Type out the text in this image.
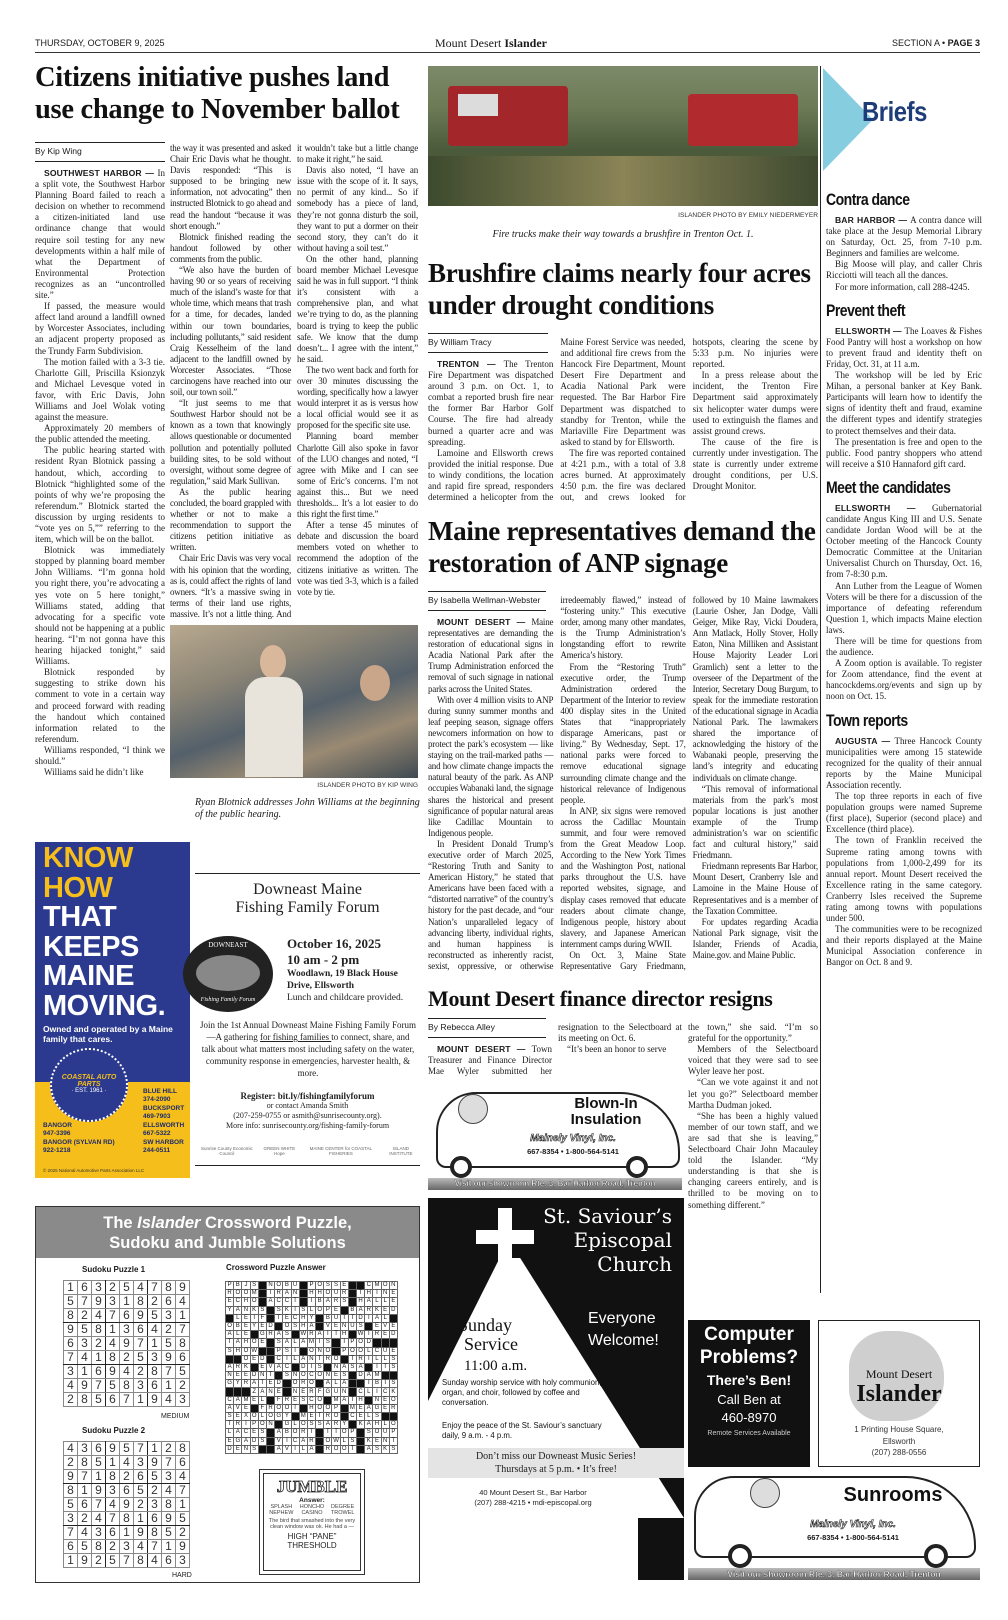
THURSDAY, OCTOBER 9, 2025	Mount Desert Islander	SECTION A • PAGE 3
Citizens initiative pushes land use change to November ballot
By Kip Wing

SOUTHWEST HARBOR — In a split vote, the Southwest Harbor Planning Board failed to reach a decision on whether to recommend a citizen-initiated land use ordinance change that would require soil testing for any new developments within a half mile of what the Department of Environmental Protection recognizes as an “uncontrolled site.”

If passed, the measure would affect land around a landfill owned by Worcester Associates, including an adjacent property proposed as the Trundy Farm Subdivision.

The motion failed with a 3-3 tie. Charlotte Gill, Priscilla Ksionzyk and Michael Levesque voted in favor, with Eric Davis, John Williams and Joel Wolak voting against the measure.

Approximately 20 members of the public attended the meeting.

The public hearing started with resident Ryan Blotnick passing a handout, which, according to Blotnick “highlighted some of the points of why we’re proposing the referendum.” Blotnick started the discussion by urging residents to “vote yes on 5,”” referring to the item, which will be on the ballot.

Blotnick was immediately stopped by planning board member John Williams. “I’m gonna hold you right there, you’re advocating a yes vote on 5 here tonight,” Williams stated, adding that advocating for a specific vote should not be happening at a public hearing. “I’m not gonna have this hearing hijacked tonight,” said Williams.

Blotnick responded by suggesting to strike down his comment to vote in a certain way and proceed forward with reading the handout which contained information related to the referendum.

Williams responded, “I think we should.”

Williams said he didn’t like

the way it was presented and asked Chair Eric Davis what he thought. Davis responded: “This is supposed to be bringing new information, not advocating” then instructed Blotnick to go ahead and read the handout “because it was short enough.”

Blotnick finished reading the handout followed by other comments from the public.

“We also have the burden of having 90 or so years of receiving much of the island’s waste for that whole time, which means that trash for a time, for decades, landed within our town boundaries, including pollutants,” said resident Craig Kesselheim of the land adjacent to the landfill owned by Worcester Associates. “Those carcinogens have reached into our soil, our town soil.”

“It just seems to me that Southwest Harbor should not be known as a town that knowingly allows questionable or documented pollution and potentially polluted building sites, to be sold without oversight, without some degree of regulation,” said Mark Sullivan.

As the public hearing concluded, the board grappled with whether or not to make a recommendation to support the citizens petition initiative as written.

Chair Eric Davis was very vocal with his opinion that the wording, as is, could affect the rights of land owners. “It’s a massive swing in terms of their land use rights, massive. It’s not a little thing. And it wouldn’t take but a little change to make it right,” he said.

Davis also noted, “I have an issue with the scope of it. It says, no permit of any kind... So if somebody has a piece of land, they’re not gonna disturb the soil, they want to put a dormer on their second story, they can’t do it without having a soil test.”

On the other hand, planning board member Michael Levesque said he was in full support. “I think it’s consistent with a comprehensive plan, and what we’re trying to do, as the planning board is trying to keep the public safe. We know that the dump doesn’t... I agree with the intent,” he said.

The two went back and forth for over 30 minutes discussing the wording, specifically how a lawyer would interpret it as is versus how a local official would see it as proposed for the specific site use.

Planning board member Charlotte Gill also spoke in favor of the LUO changes and noted, “I agree with Mike and I can see some of Eric’s concerns. I’m not against this... But we need thresholds... It’s a lot easier to do this right the first time.”

After a tense 45 minutes of debate and discussion the board members voted on whether to recommend the adoption of the citizens initiative as written. The vote was tied 3-3, which is a failed vote by tie.

ISLANDER PHOTO BY KIP WING
Ryan Blotnick addresses John Williams at the beginning of the public hearing.
KNOW
HOW
THAT
KEEPS
MAINE
MOVING.
Owned and operated by a Maine family that cares.
COASTAL AUTO PARTS
· EST. 1961 ·	BLUE HILL
374-2090
BUCKSPORT
469-7903
ELLSWORTH
667-5322
SW HARBOR
244-0511
BANGOR
947-3396
BANGOR (SYLVAN RD)
922-1218
© 2025 National Automotive Parts Association LLC
Downeast Maine
Fishing Family Forum
DOWNEAST
Fishing Family Forum
October 16, 2025
10 am - 2 pm
Woodlawn, 19 Black House Drive, Ellsworth
Lunch and childcare provided.
Join the 1st Annual Downeast Maine Fishing Family Forum—A gathering for fishing families to connect, share, and talk about what matters most including safety on the water, community response in emergencies, harvester health, & more.
Register: bit.ly/fishingfamilyforum
or contact Amanda Smith
(207-259-0755 or asmith@sunrisecounty.org).
More info: sunrisecounty.org/fishing-family-forum
Sunrise County Economic Council
GREEN WHITE Hope
MAINE CENTER for COASTAL FISHERIES
ISLAND INSTITUTE
The Islander Crossword Puzzle,
Sudoku and Jumble Solutions
Sudoku Puzzle 1
1	6	3	2	5	4	7	8	9
5	7	9	3	1	8	2	6	4
8	2	4	7	6	9	5	3	1
9	5	8	1	3	6	4	2	7
6	3	2	4	9	7	1	5	8
7	4	1	8	2	5	3	9	6
3	1	6	9	4	2	8	7	5
4	9	7	5	8	3	6	1	2
2	8	5	6	7	1	9	4	3
MEDIUM
Sudoku Puzzle 2
4	3	6	9	5	7	1	2	8
2	8	5	1	4	3	9	7	6
9	7	1	8	2	6	5	3	4
8	1	9	3	6	5	2	4	7
5	6	7	4	9	2	3	8	1
3	2	4	7	8	1	6	9	5
7	4	3	6	1	9	8	5	2
6	5	8	2	3	4	7	1	9
1	9	2	5	7	8	4	6	3
HARD
Crossword Puzzle Answer
P	B	J	S		N	O	B	U		P	O	S	S	E			C	M	O	N
R	O	O	M		I	R	A	N		H	H	O	U	R		T	H	I	N	E
E	C	H	O		A	C	C	T		I	B	A	R	S		H	A	L	L	E
Y	A	N	K	S		S	K	I	S	L	O	P	E		B	A	R	K	E	D
	L	E	I	F		T	E	C	H	Y		B	U	T	T	D	I	A	L	
O	B	E	Y	E	D		O	S	H	A		V	E	N	U	S		E	V	E
A	L	E		G	R	A	S		W	R	A	I	T	H		W	I	R	E	D
T	A	H	O	E		S	A	L	A	M	I	S		I	P	O	D			
S	H	O	W			P	S	I		O	N	O		P	O	O	L	C	U	E
		O	E	D		C	I	L	A	N	T	R	O		T	R	I	L	L	S
A	R	K		E	V	A	C		D	I	S		N	A	S	A		I	T	S
N	E	E	D	N	T		S	N	O	C	O	N	E	S		D	A	M		
G	Y	R	A	T	E	D		O	R	O		A	L	A			I	B	I	S
			Z	A	N	E		N	E	R	F	G	U	N		C	L	I	C	K
C	A	M	E	L		F	R	E	S	C	O		M	A	T	H		N	E	O
A	V	E		F	R	O	O	T		H	O	O	P		M	E	A	G	E	R
S	E	X	O	L	O	G	Y		M	E	T	R	O		C	E	L	S		
T	R	I	P	O	N		G	L	O	S	S	A	R	Y		K	A	H	L	O
L	A	C	E	S		A	B	O	R	T		T	T	O	P		S	O	U	P
E	G	A	D	S		V	I	C	A	R		O	W	L	S		K	E	N	T
D	E	N	S			A	V	I	L	A		R	O	O	T		A	S	K	S
JUMBLE
Answer:
SPLASH	HONCHO	DEGREE
NEPHEW	CASINO	TROWEL
The bird that smashed into the very clean window was ok. He had a —
HIGH “PANE”
THRESHOLD
ISLANDER PHOTO BY EMILY NIEDERMEYER
Fire trucks make their way towards a brushfire in Trenton Oct. 1.
Brushfire claims nearly four acres under drought conditions
By William Tracy

TRENTON — The Trenton Fire Department was dispatched around 3 p.m. on Oct. 1, to combat a reported brush fire near the former Bar Harbor Golf Course. The fire had already burned a quarter acre and was spreading.

Lamoine and Ellsworth crews provided the initial response. Due to windy conditions, the location and rapid fire spread, responders determined a helicopter from the Maine Forest Service was needed, and additional fire crews from the Hancock Fire Department, Mount Desert Fire Department and Acadia National Park were requested. The Bar Harbor Fire Department was dispatched to standby for Trenton, while the Mariaville Fire Department was asked to stand by for Ellsworth.

The fire was reported contained at 4:21 p.m., with a total of 3.8 acres burned. At approximately 4:50 p.m. the fire was declared out, and crews looked for hotspots, clearing the scene by 5:33 p.m. No injuries were reported.

In a press release about the incident, the Trenton Fire Department said approximately six helicopter water dumps were used to extinguish the flames and assist ground crews.

The cause of the fire is currently under investigation. The state is currently under extreme drought conditions, per U.S. Drought Monitor.

Maine representatives demand the restoration of ANP signage
By Isabella Wellman-Webster

MOUNT DESERT — Maine representatives are demanding the restoration of educational signs in Acadia National Park after the Trump Administration enforced the removal of such signage in national parks across the United States.

With over 4 million visits to ANP during sunny summer months and leaf peeping season, signage offers newcomers information on how to protect the park’s ecosystem — like staying on the trail-marked paths — and how climate change impacts the natural beauty of the park. As ANP occupies Wabanaki land, the signage shares the historical and present significance of popular natural areas like Cadillac Mountain to Indigenous people.

In President Donald Trump’s executive order of March 2025, “Restoring Truth and Sanity to American History,” he stated that Americans have been faced with a “distorted narrative” of the country’s history for the past decade, and “our Nation’s unparalleled legacy of advancing liberty, individual rights, and human happiness is reconstructed as inherently racist, sexist, oppressive, or otherwise irredeemably flawed,” instead of “fostering unity.” This executive order, among many other mandates, is the Trump Administration’s longstanding effort to rewrite America’s history.

From the “Restoring Truth” executive order, the Trump Administration ordered the Department of the Interior to review 400 display sites in the United States that “inappropriately disparage Americans, past or living.” By Wednesday, Sept. 17, national parks were forced to remove educational signage surrounding climate change and the historical relevance of Indigenous people.

In ANP, six signs were removed across the Cadillac Mountain summit, and four were removed from the Great Meadow Loop. According to the New York Times and the Washington Post, national parks throughout the U.S. have reported websites, signage, and display cases removed that educate readers about climate change, Indigenous people, history about slavery, and Japanese American internment camps during WWII.

On Oct. 3, Maine State Representative Gary Friedmann, followed by 10 Maine lawmakers (Laurie Osher, Jan Dodge, Valli Geiger, Mike Ray, Vicki Doudera, Ann Matlack, Holly Stover, Holly Eaton, Nina Milliken and Assistant House Majority Leader Lori Gramlich) sent a letter to the overseer of the Department of the Interior, Secretary Doug Burgum, to speak for the immediate restoration of the educational signage in Acadia National Park. The lawmakers shared the importance of acknowledging the history of the Wabanaki people, preserving the land’s integrity and educating individuals on climate change.

“This removal of informational materials from the park’s most popular locations is just another example of the Trump administration’s war on scientific fact and cultural history,” said Friedmann.

Friedmann represents Bar Harbor, Mount Desert, Cranberry Isle and Lamoine in the Maine House of Representatives and is a member of the Taxation Committee.

For updates regarding Acadia National Park signage, visit the Islander, Friends of Acadia, Maine.gov. and Maine Public.

Mount Desert finance director resigns
By Rebecca Alley

MOUNT DESERT — Town Treasurer and Finance Director Mae Wyler submitted her resignation to the Selectboard at its meeting on Oct. 6.

“It’s been an honor to serve

the town,” she said. “I’m so grateful for the opportunity.”

Members of the Selectboard voiced that they were sad to see Wyler leave her post.

“Can we vote against it and not let you go?” Selectboard member Martha Dudman joked.

“She has been a highly valued member of our town staff, and we are sad that she is leaving,” Selectboard Chair John Macauley told the Islander. “My understanding is that she is changing careers entirely, and is thrilled to be moving on to something different.”

Blown-In
Insulation
Mainely Vinyl, Inc.
667-8354 • 1-800-564-5141
Visit our showroom Rte. 3, Bar Harbor Road, Trenton
St. Saviour’s
Episcopal
Church
Everyone
Welcome!
Sunday
Service
11:00 a.m.
Sunday worship service with holy communion, organ, and choir, followed by coffee and conversation.
Enjoy the peace of the St. Saviour’s sanctuary daily, 9 a.m. - 4 p.m.
Don’t miss our Downeast Music Series!
Thursdays at 5 p.m. • It’s free!
40 Mount Desert St., Bar Harbor
(207) 288-4215 • mdi-episcopal.org
Computer
Problems?
There’s Ben!
Call Ben at
460-8970
Remote Services Available
Mount Desert
Islander
1 Printing House Square,
Ellsworth
(207) 288-0556
Sunrooms
Mainely Vinyl, Inc.
667-8354 • 1-800-564-5141
Visit our showroom Rte. 3, Bar Harbor Road, Trenton
Briefs
Contra dance

BAR HARBOR — A contra dance will take place at the Jesup Memorial Library on Saturday, Oct. 25, from 7-10 p.m. Beginners and families are welcome.

Big Moose will play, and caller Chris Ricciotti will teach all the dances.

For more information, call 288-4245.

Prevent theft

ELLSWORTH — The Loaves & Fishes Food Pantry will host a workshop on how to prevent fraud and identity theft on Friday, Oct. 31, at 11 a.m.

The workshop will be led by Eric Mihan, a personal banker at Key Bank. Participants will learn how to identify the signs of identity theft and fraud, examine the different types and identify strategies to protect themselves and their data.

The presentation is free and open to the public. Food pantry shoppers who attend will receive a $10 Hannaford gift card.

Meet the candidates

ELLSWORTH — Gubernatorial candidate Angus King III and U.S. Senate candidate Jordan Wood will be at the October meeting of the Hancock County Democratic Committee at the Unitarian Universalist Church on Thursday, Oct. 16, from 7-8:30 p.m.

Ann Luther from the League of Women Voters will be there for a discussion of the importance of defeating referendum Question 1, which impacts Maine election laws.

There will be time for questions from the audience.

A Zoom option is available. To register for Zoom attendance, find the event at hancockdems.org/events and sign up by noon on Oct. 15.

Town reports

AUGUSTA — Three Hancock County municipalities were among 15 statewide recognized for the quality of their annual reports by the Maine Municipal Association recently.

The top three reports in each of five population groups were named Supreme (first place), Superior (second place) and Excellence (third place).

The town of Franklin received the Supreme rating among towns with populations from 1,000-2,499 for its annual report. Mount Desert received the Excellence rating in the same category. Cranberry Isles received the Supreme rating among towns with populations under 500.

The communities were to be recognized and their reports displayed at the Maine Municipal Association conference in Bangor on Oct. 8 and 9.
